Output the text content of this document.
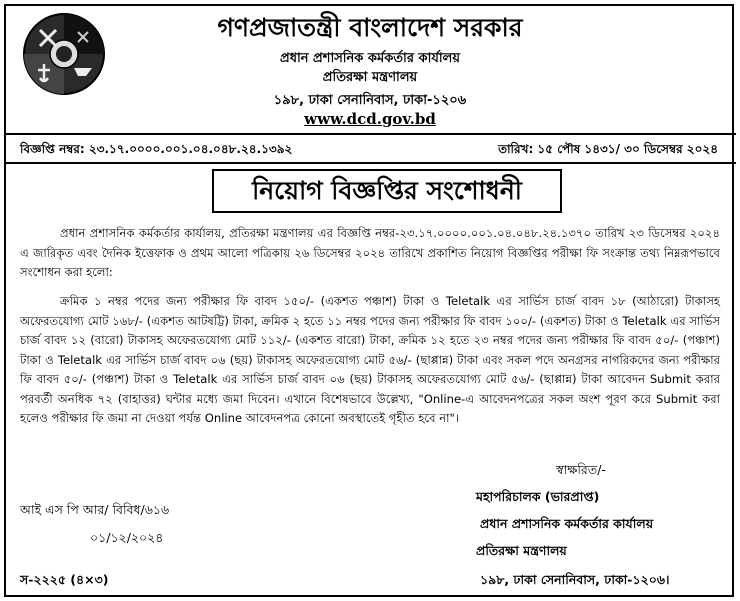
গণপ্রজাতন্ত্রী বাংলাদেশ সরকার
প্রধান প্রশাসনিক কর্মকর্তার কার্যালয়
প্রতিরক্ষা মন্ত্রণালয়
১৯৮, ঢাকা সেনানিবাস, ঢাকা-১২০৬
www.dcd.gov.bd
বিজ্ঞপ্তি নম্বর: ২৩.১৭.০০০০.০০১.০৪.০৪৮.২৪.১৩৯২	তারিখ: ১৫ পৌষ ১৪৩১/ ৩০ ডিসেম্বর ২০২৪
নিয়োগ বিজ্ঞপ্তির সংশোধনী

প্রধান প্রশাসনিক কর্মকর্তার কার্যালয়, প্রতিরক্ষা মন্ত্রণালয় এর বিজ্ঞপ্তি নম্বর-২৩.১৭.০০০০.০০১.০৪.০৪৮.২৪.১৩৭০ তারিখ ২৩ ডিসেম্বর ২০২৪ এ জারিকৃত এবং দৈনিক ইত্তেফাক ও প্রথম আলো পত্রিকায় ২৬ ডিসেম্বর ২০২৪ তারিখে প্রকাশিত নিয়োগ বিজ্ঞপ্তির পরীক্ষা ফি সংক্রান্ত তথ্য নিম্নরূপভাবে সংশোধন করা হলো:

ক্রমিক ১ নম্বর পদের জন্য পরীক্ষার ফি বাবদ ১৫০/- (একশত পঞ্চাশ) টাকা ও Teletalk এর সার্ভিস চার্জ বাবদ ১৮ (আঠারো) টাকাসহ অফেরতযোগ্য মোট ১৬৮/- (একশত আটষট্টি) টাকা, ক্রমিক ২ হতে ১১ নম্বর পদের জন্য পরীক্ষার ফি বাবদ ১০০/- (একশত) টাকা ও Teletalk এর সার্ভিস চার্জ বাবদ ১২ (বারো) টাকাসহ অফেরতযোগ্য মোট ১১২/- (একশত বারো) টাকা, ক্রমিক ১২ হতে ২৩ নম্বর পদের জন্য পরীক্ষার ফি বাবদ ৫০/- (পঞ্চাশ) টাকা ও Teletalk এর সার্ভিস চার্জ বাবদ ০৬ (ছয়) টাকাসহ অফেরতযোগ্য মোট ৫৬/- (ছাপ্পান্ন) টাকা এবং সকল পদে অনগ্রসর নাগরিকদের জন্য পরীক্ষার ফি বাবদ ৫০/- (পঞ্চাশ) টাকা ও Teletalk এর সার্ভিস চার্জ বাবদ ০৬ (ছয়) টাকাসহ অফেরতযোগ্য মোট ৫৬/- (ছাপ্পান্ন) টাকা আবেদন Submit করার পরবর্তী অনধিক ৭২ (বাহাত্তর) ঘন্টার মধ্যে জমা দিবেন। এখানে বিশেষভাবে উল্লেখ্য, "Online-এ আবেদনপত্রের সকল অংশ পূরণ করে Submit করা হলেও পরীক্ষার ফি জমা না দেওয়া পর্যন্ত Online আবেদনপত্র কোনো অবস্থাতেই গৃহীত হবে না"।

স্বাক্ষরিত/-
মহাপরিচালক (ভারপ্রাপ্ত)
প্রধান প্রশাসনিক কর্মকর্তার কার্যালয়
প্রতিরক্ষা মন্ত্রণালয়
১৯৮, ঢাকা সেনানিবাস, ঢাকা-১২০৬।
আই এস পি আর/ বিবিধ/৬১৬
০১/১২/২০২৪
স-২২২৫ (৪×৩)
